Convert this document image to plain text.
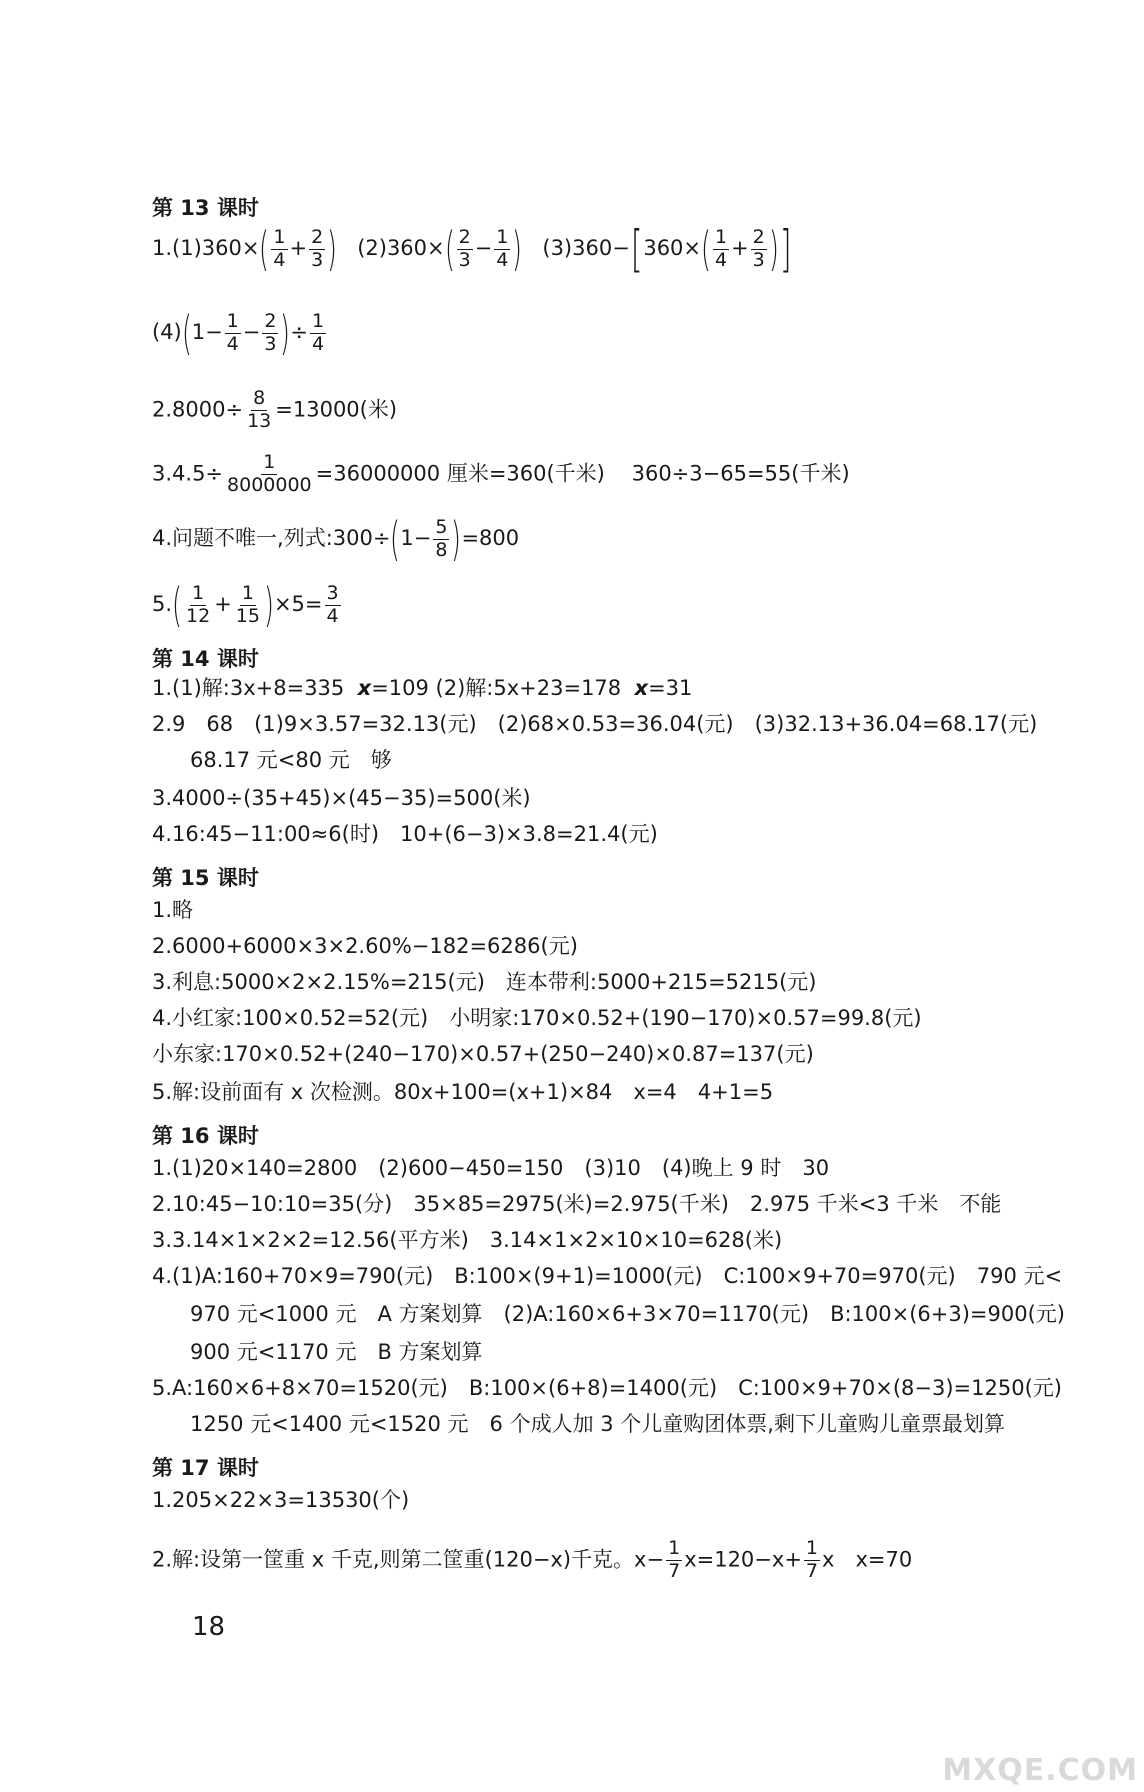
第 13 课时
$1.(1)360\times( \frac{1}{4} + \frac{2}{3}$ ) $(2)360\times( \frac{2}{3} - \frac{1}{4}$ ) $(3)360-[360\times( \frac{1}{4} + \frac{2}{3}$ )]
$(4)(1- \frac{1}{4} - \frac{2}{3}$ )÷ $\frac{1}{4}$
$2.8000\div \frac{8}{13} =13000$(米)
$3.4.5\div \frac{1}{8000000} =36000000$ 厘米=360(千米) 360÷3−65=55(千米)
4.问题不唯一,列式:300÷(1− $\frac{5}{8} )=800$
$5.( \frac{1}{12} + \frac{1}{15} )\times 5= \frac{3}{4}$
第 14 课时
1.(1)解:3x+8=335 x=109 (2)解:5x+23=178 x=31
2.9　68　(1)9×3.57=32.13(元)　(2)68×0.53=36.04(元)　(3)32.13+36.04=68.17(元)
68.17 元<80 元　够
3.4000÷(35+45)×(45−35)=500(米)
4.16:45−11:00≈6(时)　10+(6−3)×3.8=21.4(元)
第 15 课时
1.略
2.6000+6000×3×2.60%−182=6286(元)
3.利息:5000×2×2.15%=215(元)　连本带利:5000+215=5215(元)
4.小红家:100×0.52=52(元)　小明家:170×0.52+(190−170)×0.57=99.8(元)
小东家:170×0.52+(240−170)×0.57+(250−240)×0.87=137(元)
5.解:设前面有 x 次检测。80x+100=(x+1)×84　x=4　4+1=5
第 16 课时
1.(1)20×140=2800　(2)600−450=150　(3)10　(4)晚上 9 时　30
2.10:45−10:10=35(分)　35×85=2975(米)=2.975(千米)　2.975 千米<3 千米　不能
3.3.14×1×2×2=12.56(平方米)　3.14×1×2×10×10=628(米)
4.(1)A:160+70×9=790(元)　B:100×(9+1)=1000(元)　C:100×9+70=970(元)　790 元<
970 元<1000 元　A 方案划算　(2)A:160×6+3×70=1170(元)　B:100×(6+3)=900(元)
900 元<1170 元　B 方案划算
5.A:160×6+8×70=1520(元)　B:100×(6+8)=1400(元)　C:100×9+70×(8−3)=1250(元)
1250 元<1400 元<1520 元　6 个成人加 3 个儿童购团体票,剩下儿童购儿童票最划算
第 17 课时
1.205×22×3=13530(个)
2.解:设第一筐重 x 千克,则第二筐重(120−x)千克。$x- \frac{1}{7} x=120-x+ \frac{1}{7}$ x　x=70
18
MXQE.COM
